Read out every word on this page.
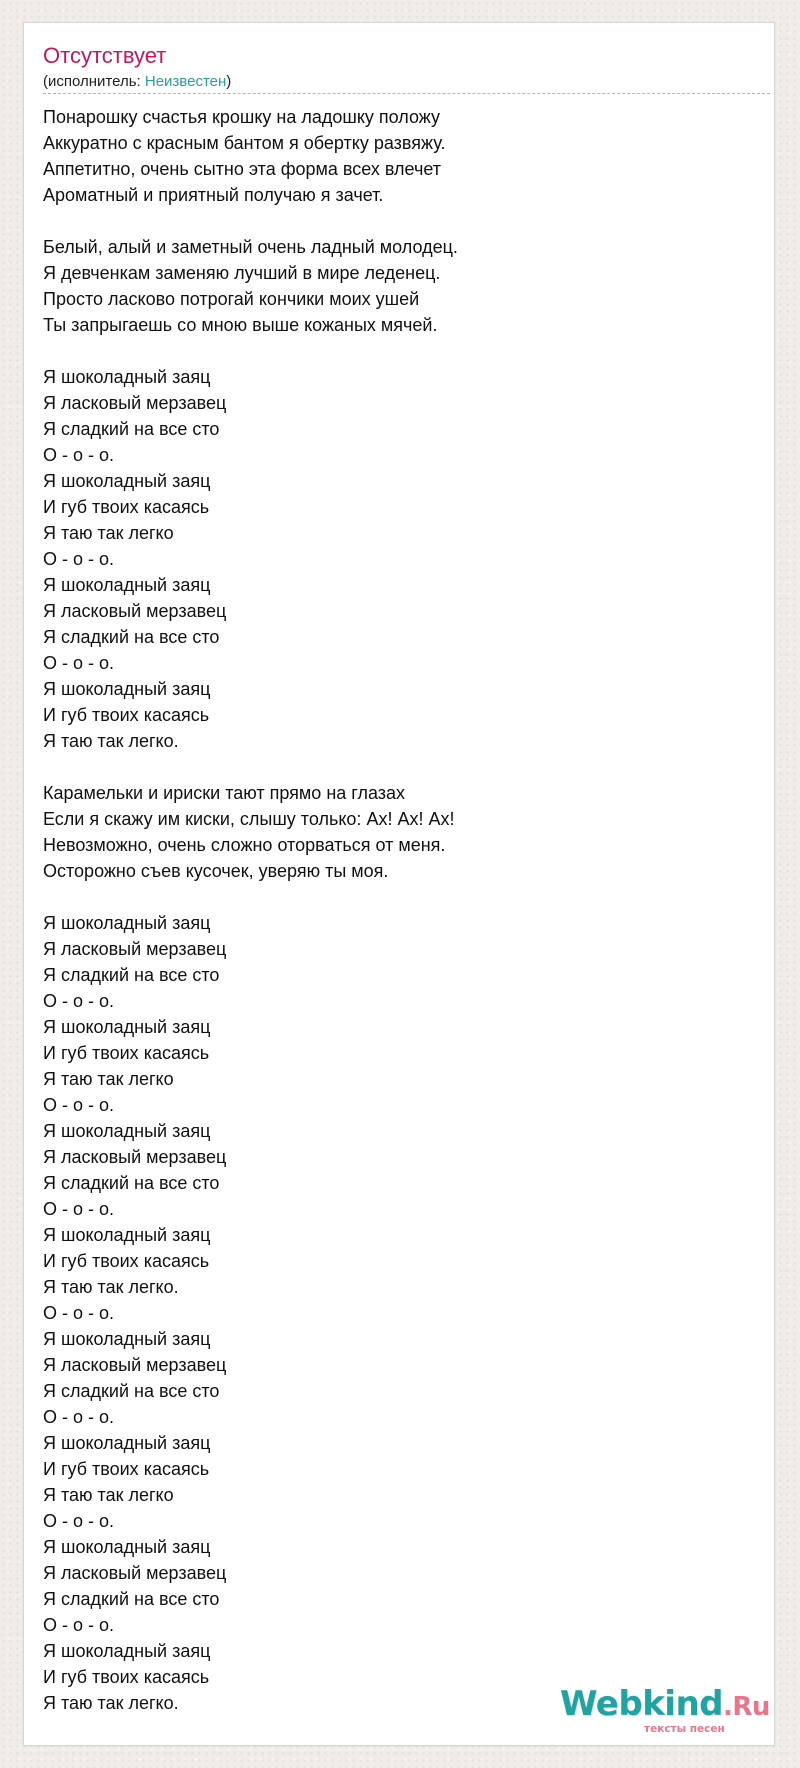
Отсутствует
(исполнитель: Неизвестен)
Понарошку счастья крошку на ладошку положу
Аккуратно с красным бантом я обертку развяжу.
Аппетитно, очень сытно эта форма всех влечет
Ароматный и приятный получаю я зачет.
Белый, алый и заметный очень ладный молодец.
Я девченкам заменяю лучший в мире леденец.
Просто ласково потрогай кончики моих ушей
Ты запрыгаешь со мною выше кожаных мячей.
Я шоколадный заяц
Я ласковый мерзавец
Я сладкий на все сто
О - о - о.
Я шоколадный заяц
И губ твоих касаясь
Я таю так легко
О - о - о.
Я шоколадный заяц
Я ласковый мерзавец
Я сладкий на все сто
О - о - о.
Я шоколадный заяц
И губ твоих касаясь
Я таю так легко.
Карамельки и ириски тают прямо на глазах
Если я скажу им киски, слышу только: Ах! Ах! Ах!
Невозможно, очень сложно оторваться от меня.
Осторожно съев кусочек, уверяю ты моя.
Я шоколадный заяц
Я ласковый мерзавец
Я сладкий на все сто
О - о - о.
Я шоколадный заяц
И губ твоих касаясь
Я таю так легко
О - о - о.
Я шоколадный заяц
Я ласковый мерзавец
Я сладкий на все сто
О - о - о.
Я шоколадный заяц
И губ твоих касаясь
Я таю так легко.
О - о - о.
Я шоколадный заяц
Я ласковый мерзавец
Я сладкий на все сто
О - о - о.
Я шоколадный заяц
И губ твоих касаясь
Я таю так легко
О - о - о.
Я шоколадный заяц
Я ласковый мерзавец
Я сладкий на все сто
О - о - о.
Я шоколадный заяц
И губ твоих касаясь
Я таю так легко.	Webkind.Ru
тексты песен
